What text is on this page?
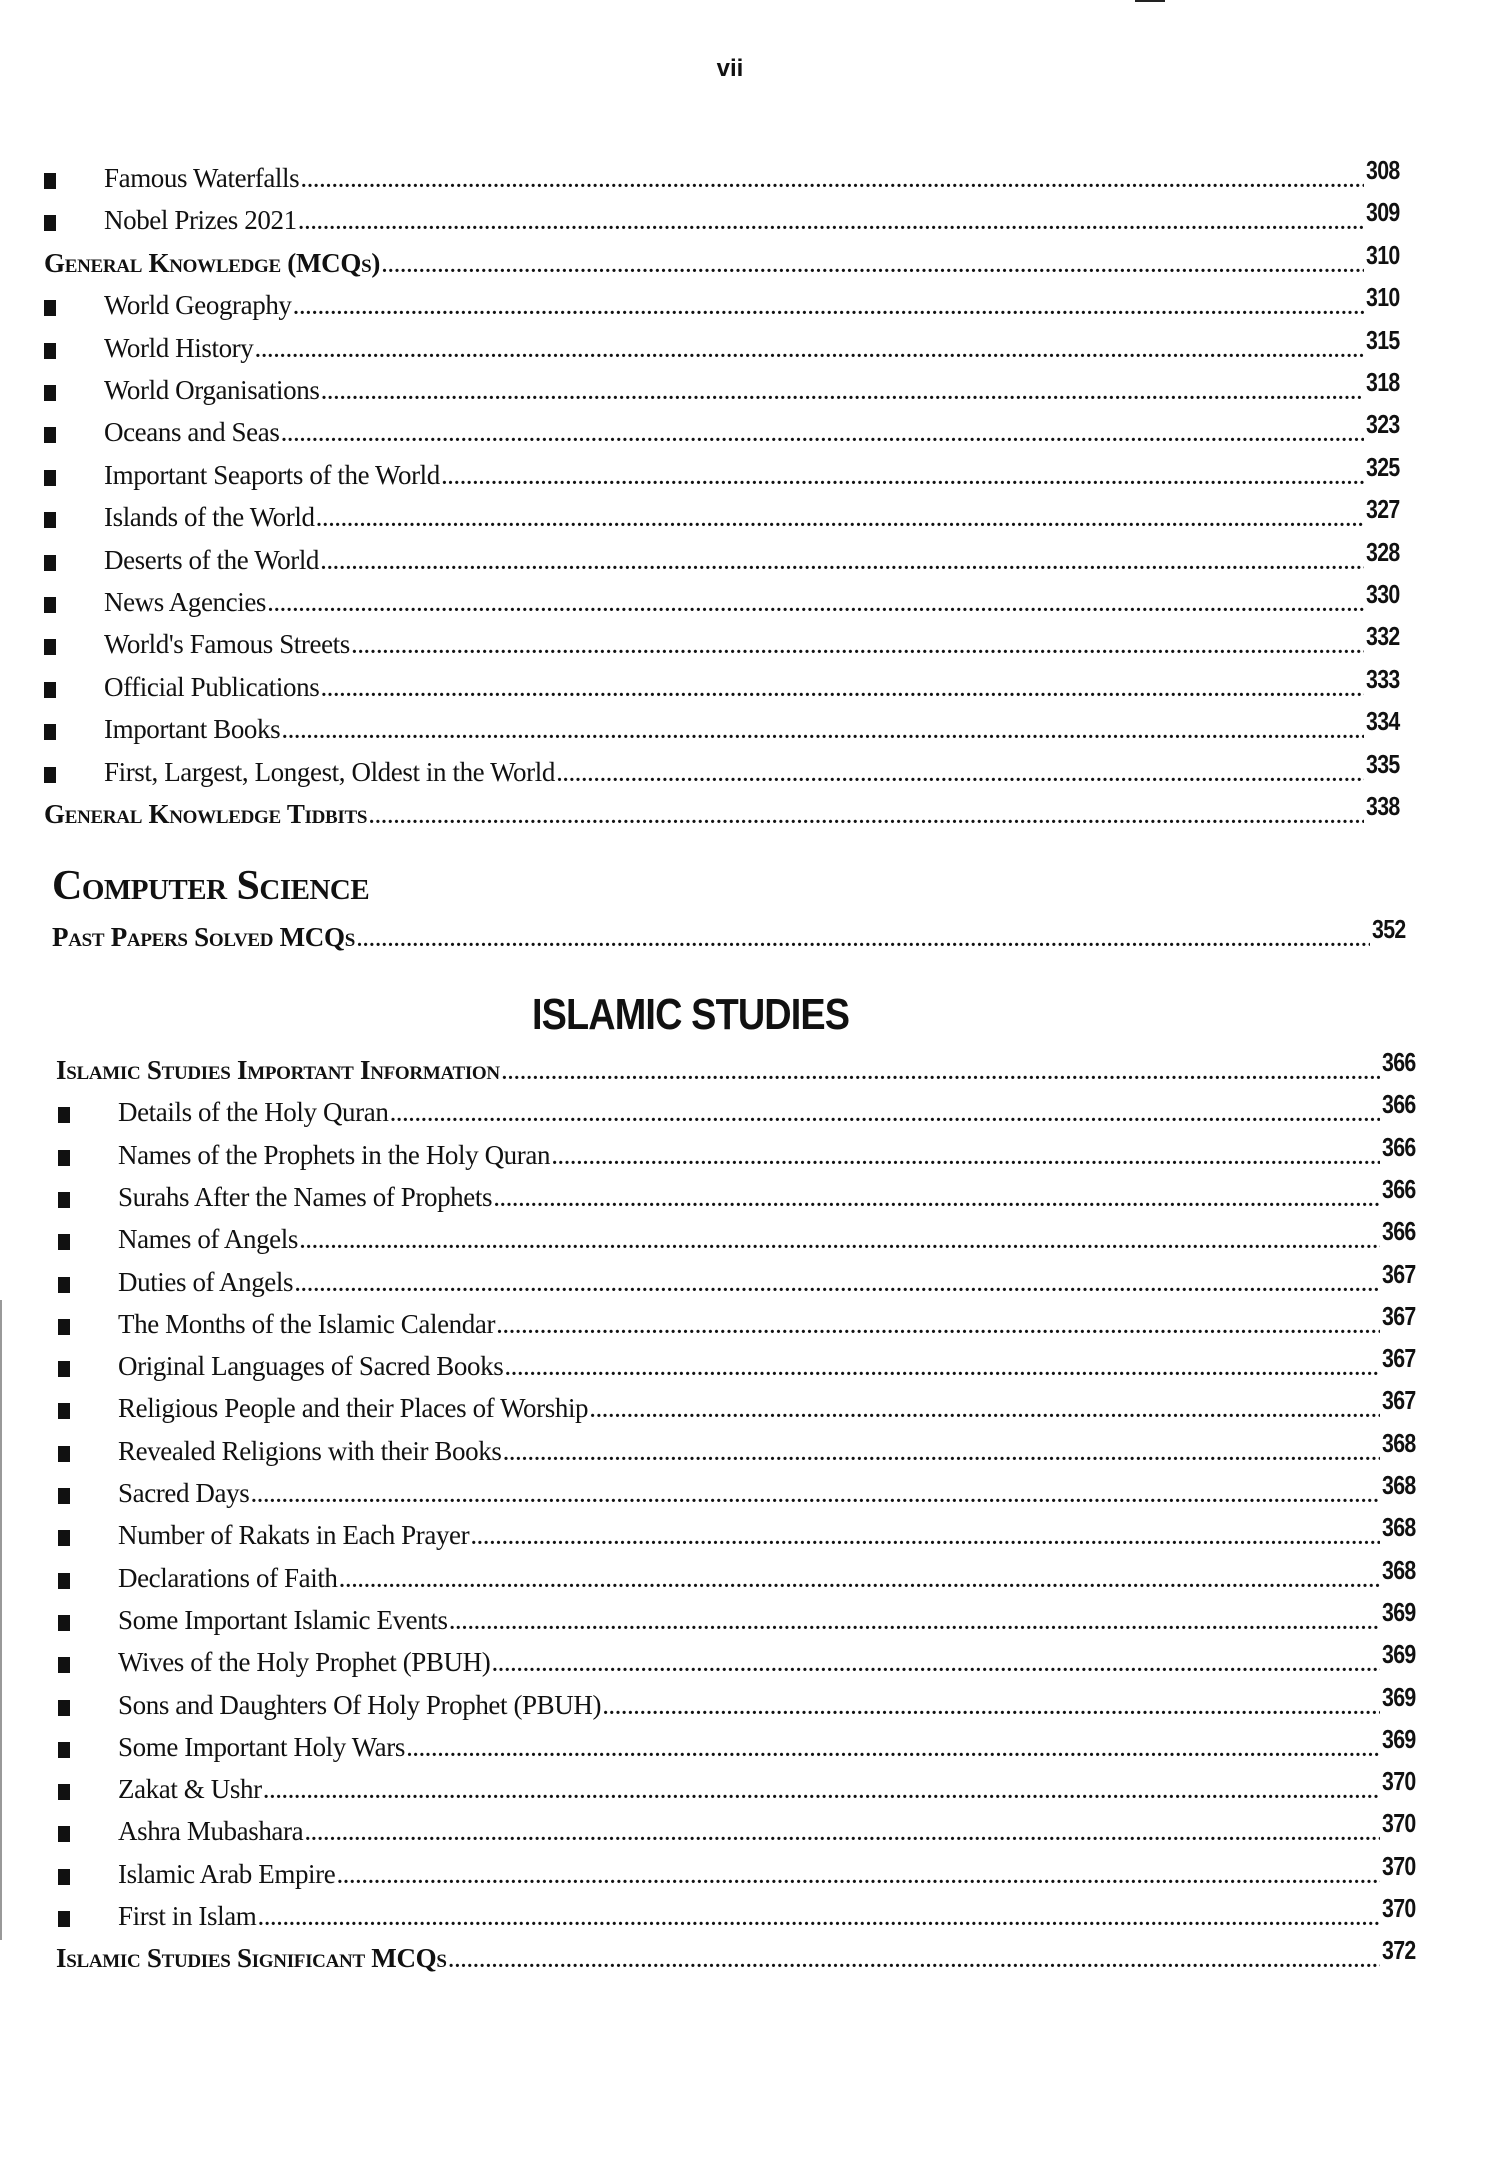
vii
Famous Waterfalls .....	308
Nobel Prizes 2021 .....	309
General Knowledge (MCQs) .....	310
World Geography .....	310
World History .....	315
World Organisations .....	318
Oceans and Seas .....	323
Important Seaports of the World .....	325
Islands of the World .....	327
Deserts of the World .....	328
News Agencies .....	330
World's Famous Streets .....	332
Official Publications .....	333
Important Books .....	334
First, Largest, Longest, Oldest in the World .....	335
General Knowledge Tidbits .....	338
Computer Science
Past Papers Solved MCQs .....	352
ISLAMIC STUDIES
Islamic Studies Important Information .....	366
Details of the Holy Quran .....	366
Names of the Prophets in the Holy Quran .....	366
Surahs After the Names of Prophets .....	366
Names of Angels .....	366
Duties of Angels .....	367
The Months of the Islamic Calendar .....	367
Original Languages of Sacred Books .....	367
Religious People and their Places of Worship .....	367
Revealed Religions with their Books .....	368
Sacred Days .....	368
Number of Rakats in Each Prayer .....	368
Declarations of Faith .....	368
Some Important Islamic Events .....	369
Wives of the Holy Prophet (PBUH) .....	369
Sons and Daughters Of Holy Prophet (PBUH) .....	369
Some Important Holy Wars .....	369
Zakat & Ushr .....	370
Ashra Mubashara .....	370
Islamic Arab Empire .....	370
First in Islam .....	370
Islamic Studies Significant MCQs .....	372
